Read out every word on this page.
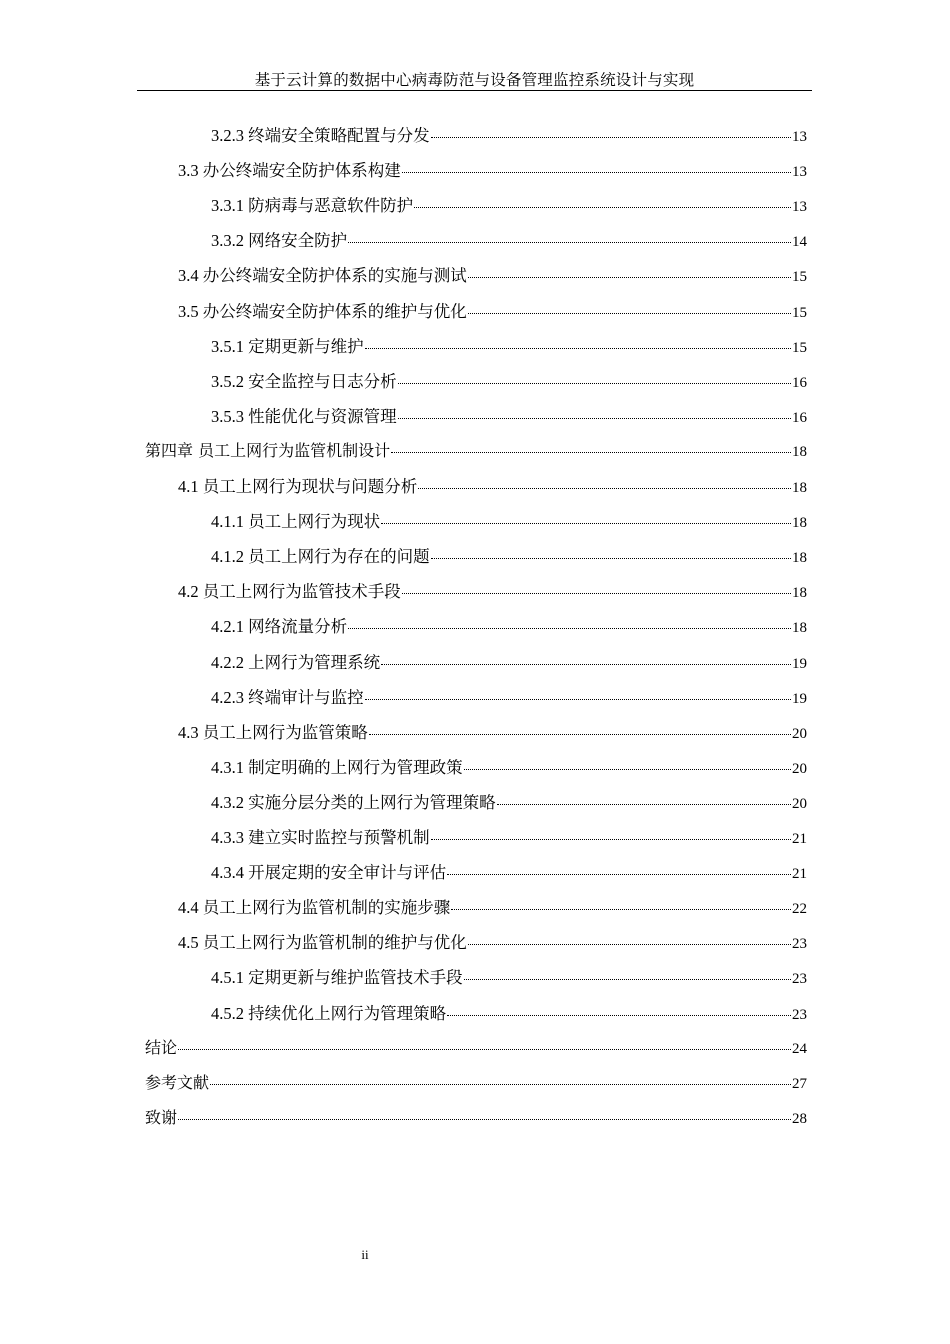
基于云计算的数据中心病毒防范与设备管理监控系统设计与实现
3.2.3 终端安全策略配置与分发	13
3.3 办公终端安全防护体系构建	13
3.3.1 防病毒与恶意软件防护	13
3.3.2 网络安全防护	14
3.4 办公终端安全防护体系的实施与测试	15
3.5 办公终端安全防护体系的维护与优化	15
3.5.1 定期更新与维护	15
3.5.2 安全监控与日志分析	16
3.5.3 性能优化与资源管理	16
第四章 员工上网行为监管机制设计	18
4.1 员工上网行为现状与问题分析	18
4.1.1 员工上网行为现状	18
4.1.2 员工上网行为存在的问题	18
4.2 员工上网行为监管技术手段	18
4.2.1 网络流量分析	18
4.2.2 上网行为管理系统	19
4.2.3 终端审计与监控	19
4.3 员工上网行为监管策略	20
4.3.1 制定明确的上网行为管理政策	20
4.3.2 实施分层分类的上网行为管理策略	20
4.3.3 建立实时监控与预警机制	21
4.3.4 开展定期的安全审计与评估	21
4.4 员工上网行为监管机制的实施步骤	22
4.5 员工上网行为监管机制的维护与优化	23
4.5.1 定期更新与维护监管技术手段	23
4.5.2 持续优化上网行为管理策略	23
结论	24
参考文献	27
致谢	28
ii
